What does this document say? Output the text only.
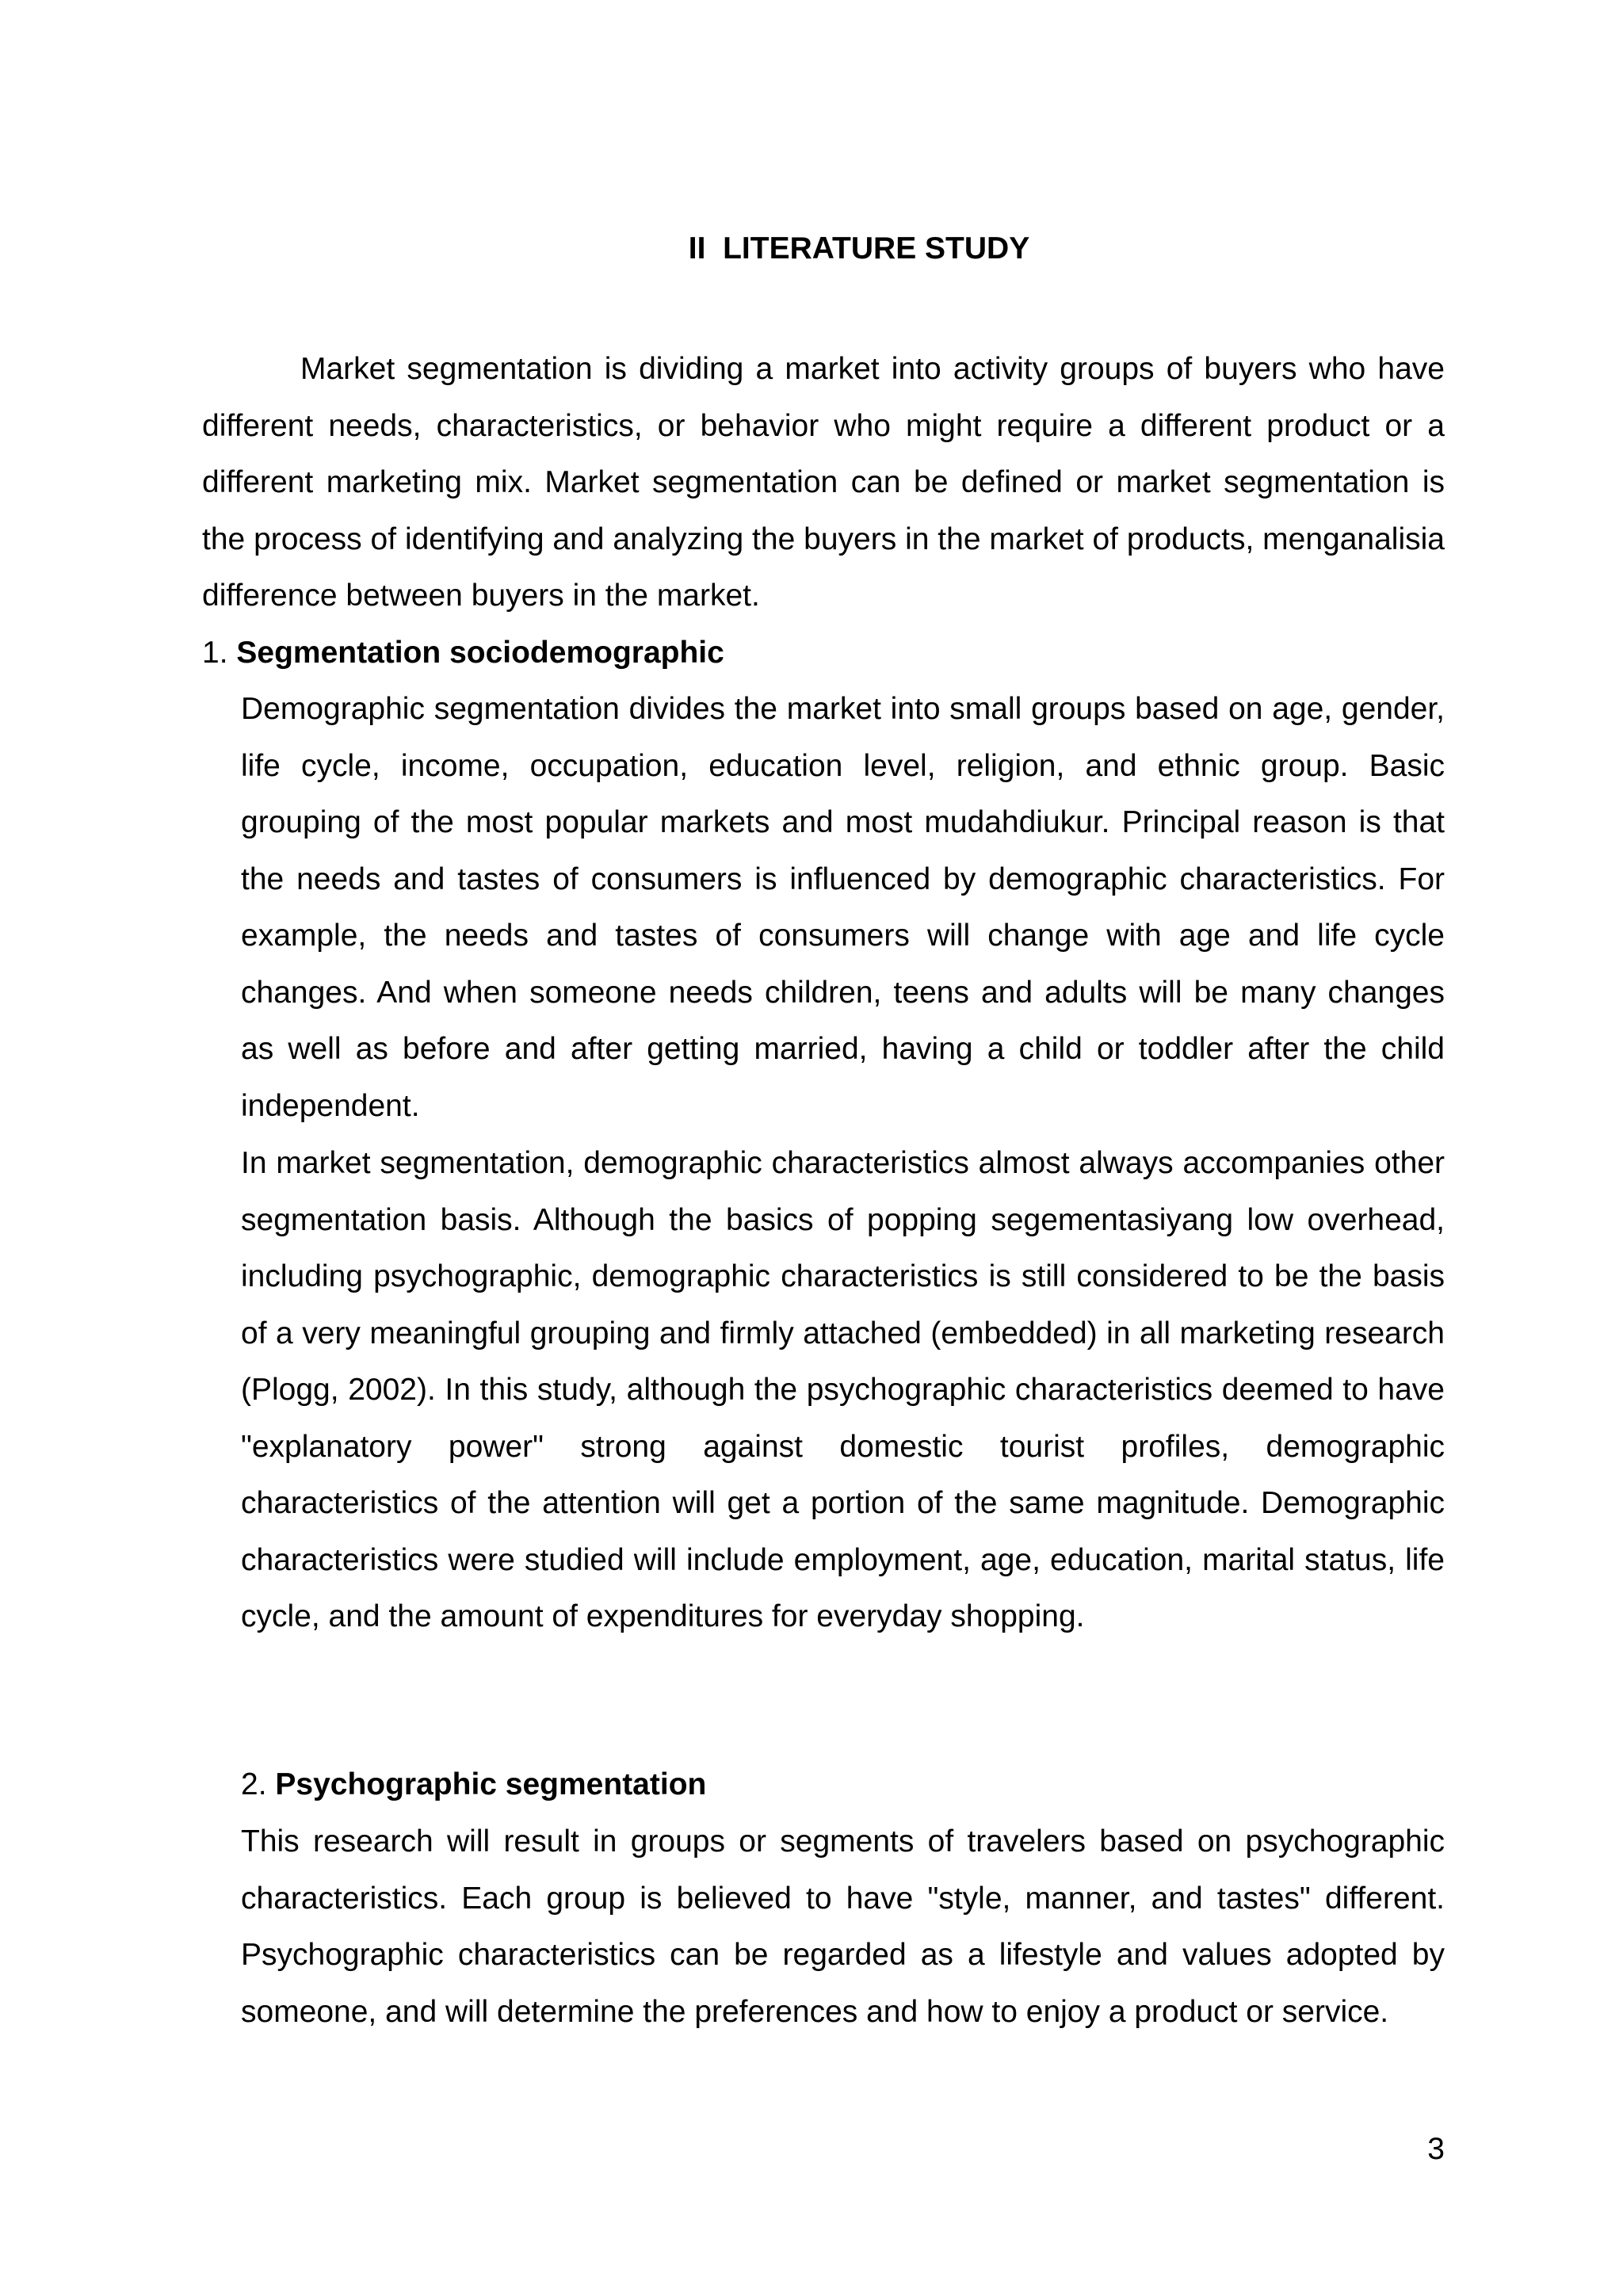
II  LITERATURE STUDY

Market segmentation is dividing a market into activity groups of buyers who have different needs, characteristics, or behavior who might require a different product or a different marketing mix. Market segmentation can be defined or market segmentation is the process of identifying and analyzing the buyers in the market of products, menganalisia difference between buyers in the market.

1. Segmentation sociodemographic

Demographic segmentation divides the market into small groups based on age, gender, life cycle, income, occupation, education level, religion, and ethnic group. Basic grouping of the most popular markets and most mudahdiukur. Principal reason is that the needs and tastes of consumers is influenced by demographic characteristics. For example, the needs and tastes of consumers will change with age and life cycle changes. And when someone needs children, teens and adults will be many changes as well as before and after getting married, having a child or toddler after the child independent.

In market segmentation, demographic characteristics almost always accompanies other segmentation basis. Although the basics of popping segementasiyang low overhead, including psychographic, demographic characteristics is still considered to be the basis of a very meaningful grouping and firmly attached (embedded) in all marketing research (Plogg, 2002). In this study, although the psychographic characteristics deemed to have "explanatory power" strong against domestic tourist profiles, demographic characteristics of the attention will get a portion of the same magnitude. Demographic characteristics were studied will include employment, age, education, marital status, life cycle, and the amount of expenditures for everyday shopping.

2. Psychographic segmentation

This research will result in groups or segments of travelers based on psychographic characteristics. Each group is believed to have "style, manner, and tastes" different. Psychographic characteristics can be regarded as a lifestyle and values adopted by someone, and will determine the preferences and how to enjoy a product or service.

3
